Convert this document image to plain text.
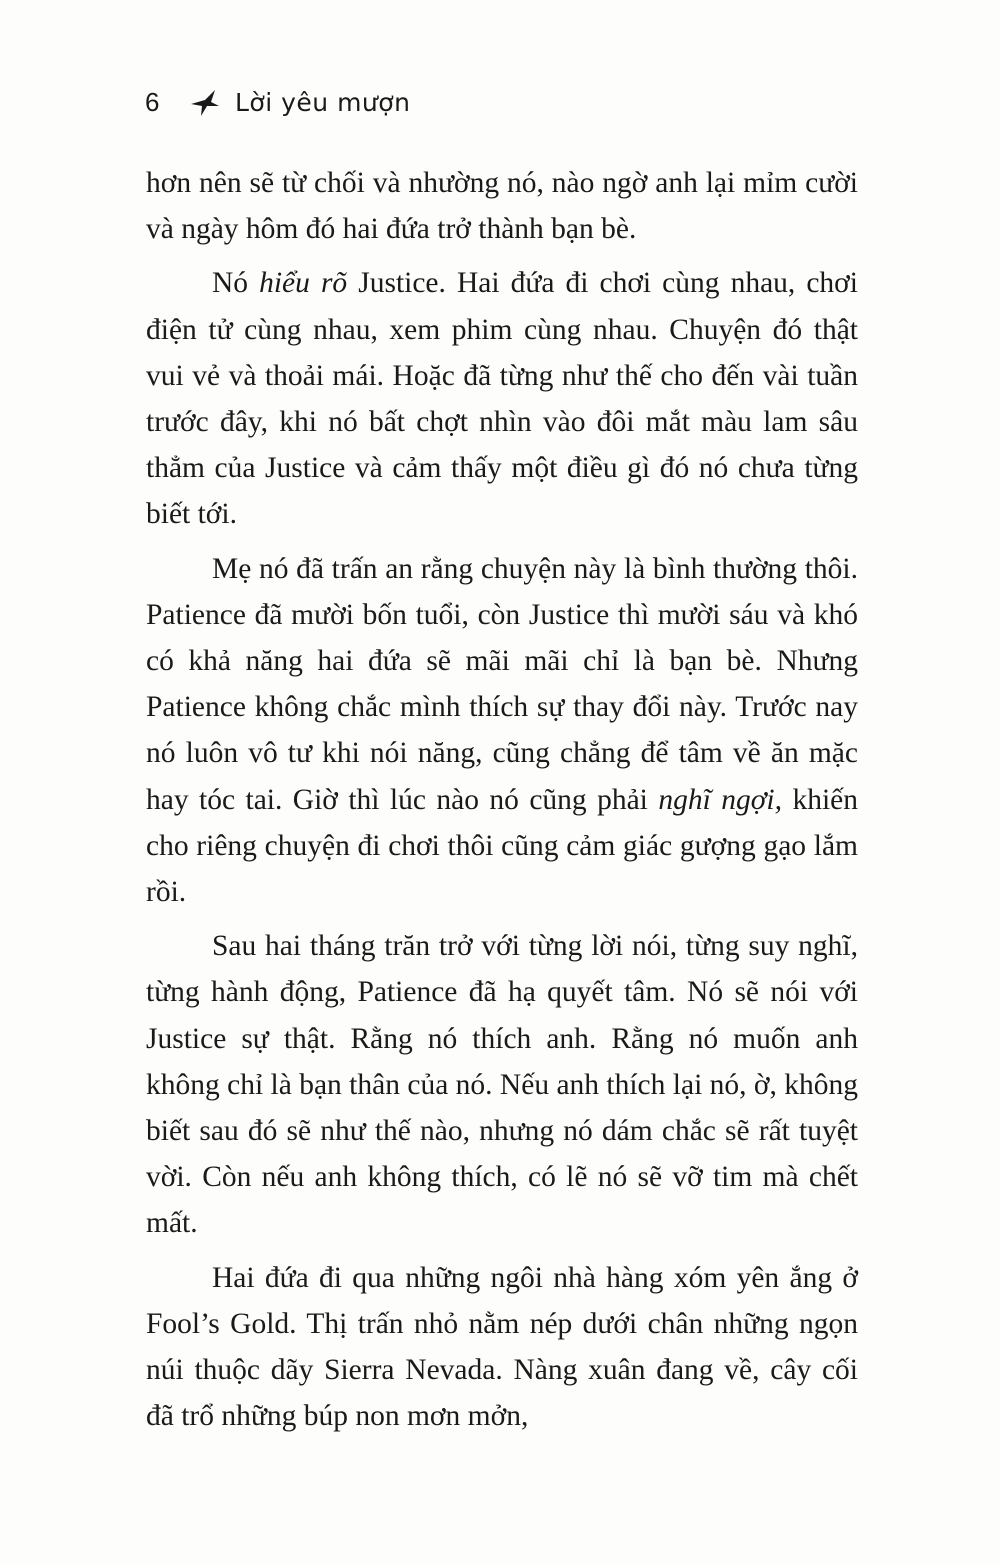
6	Lời yêu mượn

hơn nên sẽ từ chối và nhường nó, nào ngờ anh lại mỉm cười và ngày hôm đó hai đứa trở thành bạn bè.

Nó hiểu rõ Justice. Hai đứa đi chơi cùng nhau, chơi điện tử cùng nhau, xem phim cùng nhau. Chuyện đó thật vui vẻ và thoải mái. Hoặc đã từng như thế cho đến vài tuần trước đây, khi nó bất chợt nhìn vào đôi mắt màu lam sâu thẳm của Justice và cảm thấy một điều gì đó nó chưa từng biết tới.

Mẹ nó đã trấn an rằng chuyện này là bình thường thôi. Patience đã mười bốn tuổi, còn Justice thì mười sáu và khó có khả năng hai đứa sẽ mãi mãi chỉ là bạn bè. Nhưng Patience không chắc mình thích sự thay đổi này. Trước nay nó luôn vô tư khi nói năng, cũng chẳng để tâm về ăn mặc hay tóc tai. Giờ thì lúc nào nó cũng phải nghĩ ngợi, khiến cho riêng chuyện đi chơi thôi cũng cảm giác gượng gạo lắm rồi.

Sau hai tháng trăn trở với từng lời nói, từng suy nghĩ, từng hành động, Patience đã hạ quyết tâm. Nó sẽ nói với Justice sự thật. Rằng nó thích anh. Rằng nó muốn anh không chỉ là bạn thân của nó. Nếu anh thích lại nó, ờ, không biết sau đó sẽ như thế nào, nhưng nó dám chắc sẽ rất tuyệt vời. Còn nếu anh không thích, có lẽ nó sẽ vỡ tim mà chết mất.

Hai đứa đi qua những ngôi nhà hàng xóm yên ắng ở Fool’s Gold. Thị trấn nhỏ nằm nép dưới chân những ngọn núi thuộc dãy Sierra Nevada. Nàng xuân đang về, cây cối đã trổ những búp non mơn mởn,
